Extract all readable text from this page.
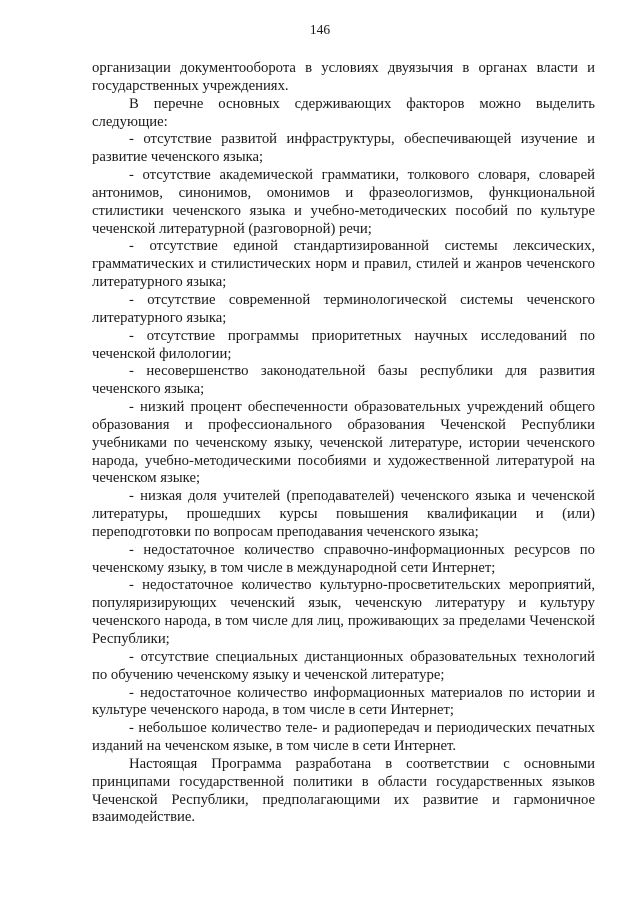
146

организации документооборота в условиях двуязычия в органах власти и государственных учреждениях.

В перечне основных сдерживающих факторов можно выделить следующие:

- отсутствие развитой инфраструктуры, обеспечивающей изучение и развитие чеченского языка;

- отсутствие академической грамматики, толкового словаря, словарей антонимов, синонимов, омонимов и фразеологизмов, функциональной стилистики чеченского языка и учебно-методических пособий по культуре чеченской литературной (разговорной) речи;

- отсутствие единой стандартизированной системы лексических, грамматических и стилистических норм и правил, стилей и жанров чеченского литературного языка;

- отсутствие современной терминологической системы чеченского литературного языка;

- отсутствие программы приоритетных научных исследований по чеченской филологии;

- несовершенство законодательной базы республики для развития чеченского языка;

- низкий процент обеспеченности образовательных учреждений общего образования и профессионального образования Чеченской Республики учебниками по чеченскому языку, чеченской литературе, истории чеченского народа, учебно-методическими пособиями и художественной литературой на чеченском языке;

- низкая доля учителей (преподавателей) чеченского языка и чеченской литературы, прошедших курсы повышения квалификации и (или) переподготовки по вопросам преподавания чеченского языка;

- недостаточное количество справочно-информационных ресурсов по чеченскому языку, в том числе в международной сети Интернет;

- недостаточное количество культурно-просветительских мероприятий, популяризирующих чеченский язык, чеченскую литературу и культуру чеченского народа, в том числе для лиц, проживающих за пределами Чеченской Республики;

- отсутствие специальных дистанционных образовательных технологий по обучению чеченскому языку и чеченской литературе;

- недостаточное количество информационных материалов по истории и культуре чеченского народа, в том числе в сети Интернет;

- небольшое количество теле- и радиопередач и периодических печатных изданий на чеченском языке, в том числе в сети Интернет.

Настоящая Программа разработана в соответствии с основными принципами государственной политики в области государственных языков Чеченской Республики, предполагающими их развитие и гармоничное взаимодействие.
